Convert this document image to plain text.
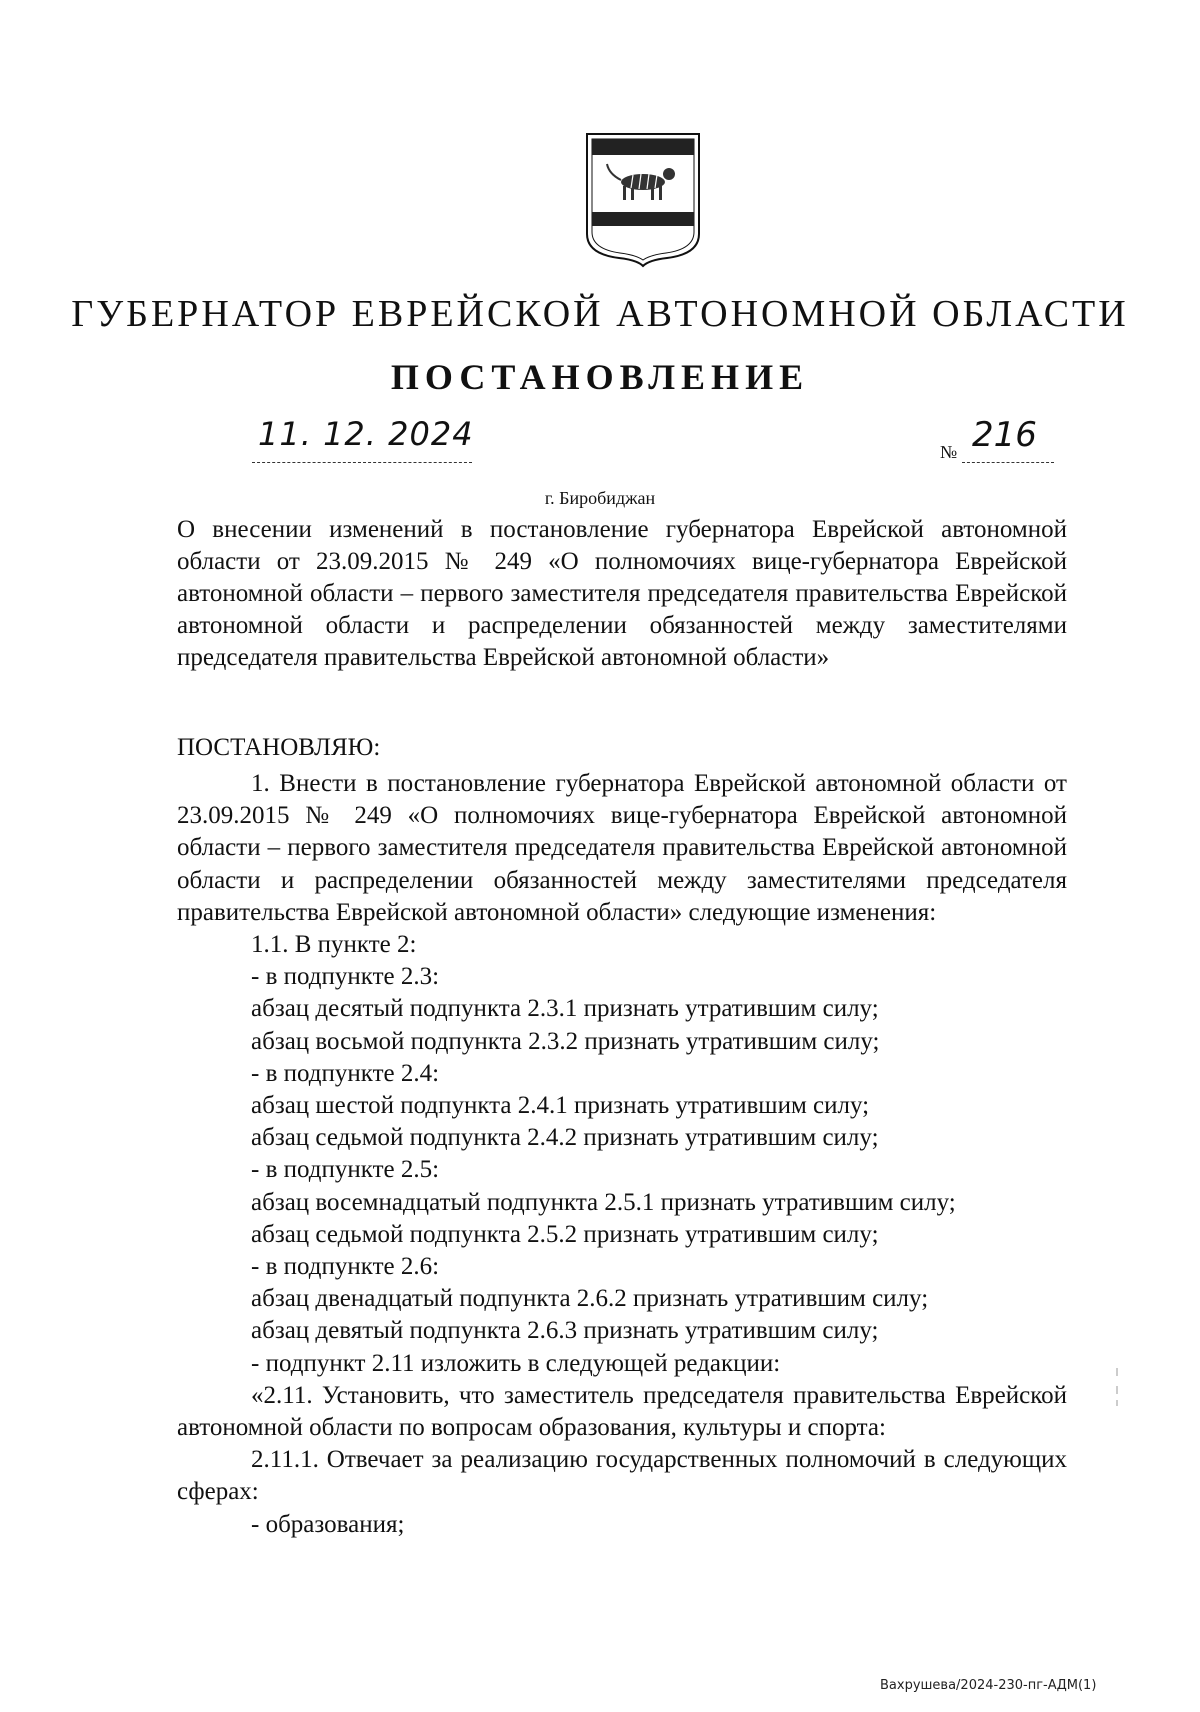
ГУБЕРНАТОР ЕВРЕЙСКОЙ АВТОНОМНОЙ ОБЛАСТИ
ПОСТАНОВЛЕНИЕ
11. 12. 2024	№ 216
г. Биробиджан

О внесении изменений в постановление губернатора Еврейской автономной области от 23.09.2015 № 249 «О полномочиях вице-губернатора Еврейской автономной области – первого заместителя председателя правительства Еврейской автономной области и распределении обязанностей между заместителями председателя правительства Еврейской автономной области»

ПОСТАНОВЛЯЮ:

1. Внести в постановление губернатора Еврейской автономной области от 23.09.2015 № 249 «О полномочиях вице-губернатора Еврейской автономной области – первого заместителя председателя правительства Еврейской автономной области и распределении обязанностей между заместителями председателя правительства Еврейской автономной области» следующие изменения:

1.1. В пункте 2:

- в подпункте 2.3:

абзац десятый подпункта 2.3.1 признать утратившим силу;

абзац восьмой подпункта 2.3.2 признать утратившим силу;

- в подпункте 2.4:

абзац шестой подпункта 2.4.1 признать утратившим силу;

абзац седьмой подпункта 2.4.2 признать утратившим силу;

- в подпункте 2.5:

абзац восемнадцатый подпункта 2.5.1 признать утратившим силу;

абзац седьмой подпункта 2.5.2 признать утратившим силу;

- в подпункте 2.6:

абзац двенадцатый подпункта 2.6.2 признать утратившим силу;

абзац девятый подпункта 2.6.3 признать утратившим силу;

- подпункт 2.11 изложить в следующей редакции:

«2.11. Установить, что заместитель председателя правительства Еврейской автономной области по вопросам образования, культуры и спорта:

2.11.1. Отвечает за реализацию государственных полномочий в следующих сферах:

- образования;

Вахрушева/2024-230-пг-АДМ(1)
